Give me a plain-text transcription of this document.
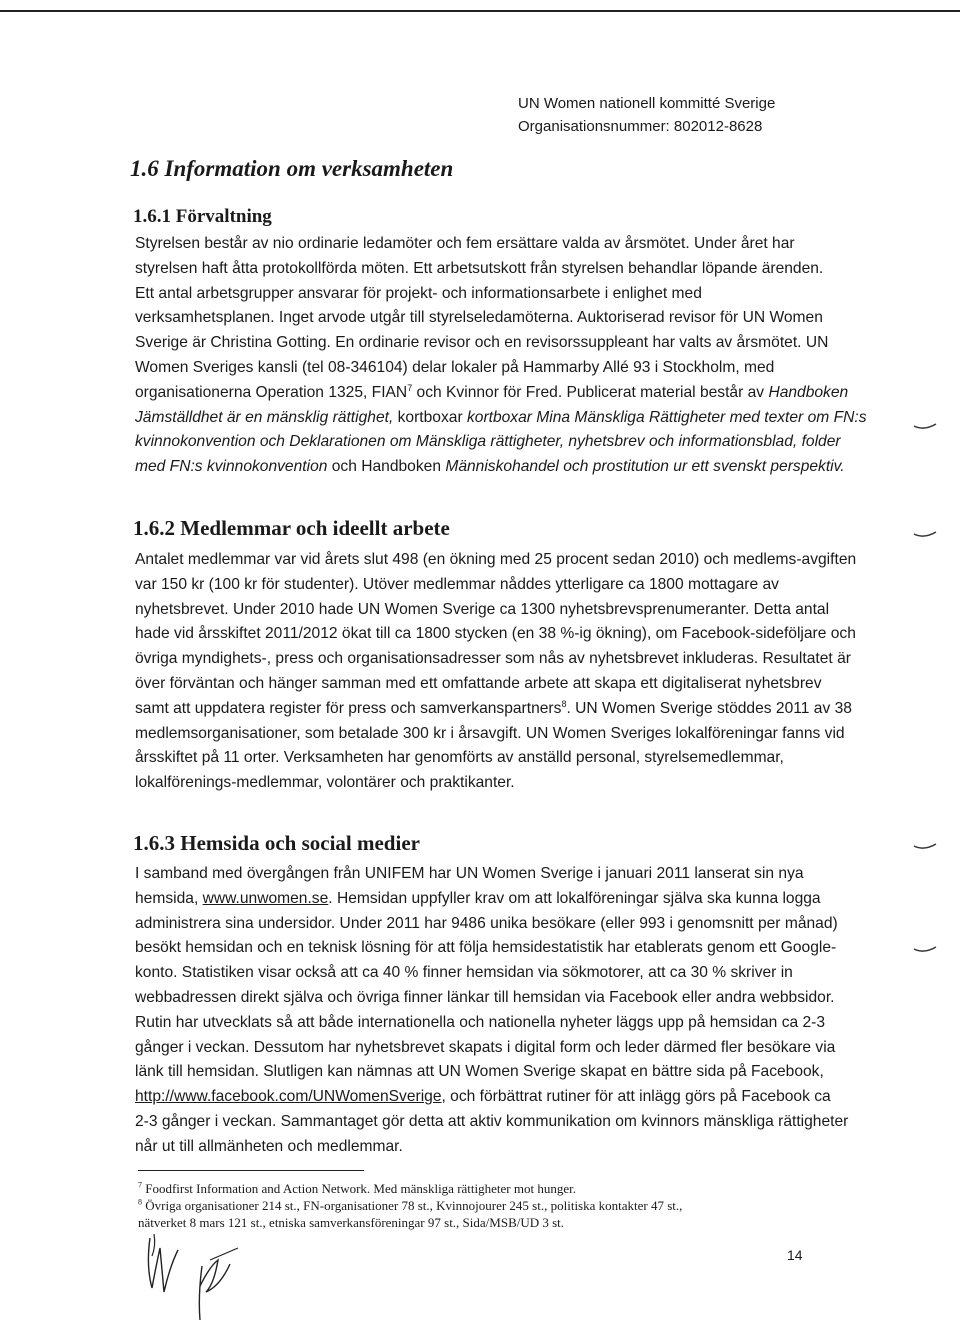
UN Women nationell kommitté Sverige
Organisationsnummer: 802012-8628
1.6 Information om verksamheten
1.6.1 Förvaltning
Styrelsen består av nio ordinarie ledamöter och fem ersättare valda av årsmötet. Under året har
styrelsen haft åtta protokollförda möten. Ett arbetsutskott från styrelsen behandlar löpande ärenden.
Ett antal arbetsgrupper ansvarar för projekt- och informationsarbete i enlighet med
verksamhetsplanen. Inget arvode utgår till styrelseledamöterna. Auktoriserad revisor för UN Women
Sverige är Christina Gotting. En ordinarie revisor och en revisorssuppleant har valts av årsmötet. UN
Women Sveriges kansli (tel 08-346104) delar lokaler på Hammarby Allé 93 i Stockholm, med
organisationerna Operation 1325, FIAN$^7$ och Kvinnor för Fred. Publicerat material består av Handboken
Jämställdhet är en mänsklig rättighet, kortboxar kortboxar Mina Mänskliga Rättigheter med texter om FN:s
kvinnokonvention och Deklarationen om Mänskliga rättigheter, nyhetsbrev och informationsblad, folder
med FN:s kvinnokonvention och Handboken Människohandel och prostitution ur ett svenskt perspektiv.
1.6.2 Medlemmar och ideellt arbete
Antalet medlemmar var vid årets slut 498 (en ökning med 25 procent sedan 2010) och medlems-avgiften
var 150 kr (100 kr för studenter). Utöver medlemmar nåddes ytterligare ca 1800 mottagare av
nyhetsbrevet. Under 2010 hade UN Women Sverige ca 1300 nyhetsbrevsprenumeranter. Detta antal
hade vid årsskiftet 2011/2012 ökat till ca 1800 stycken (en 38 %-ig ökning), om Facebook-sideföljare och
övriga myndighets-, press och organisationsadresser som nås av nyhetsbrevet inkluderas. Resultatet är
över förväntan och hänger samman med ett omfattande arbete att skapa ett digitaliserat nyhetsbrev
samt att uppdatera register för press och samverkanspartners$^8$. UN Women Sverige stöddes 2011 av 38
medlemsorganisationer, som betalade 300 kr i årsavgift. UN Women Sveriges lokalföreningar fanns vid
årsskiftet på 11 orter. Verksamheten har genomförts av anställd personal, styrelsemedlemmar,
lokalförenings-medlemmar, volontärer och praktikanter.
1.6.3 Hemsida och social medier
I samband med övergången från UNIFEM har UN Women Sverige i januari 2011 lanserat sin nya
hemsida, www.unwomen.se. Hemsidan uppfyller krav om att lokalföreningar själva ska kunna logga
administrera sina undersidor. Under 2011 har 9486 unika besökare (eller 993 i genomsnitt per månad)
besökt hemsidan och en teknisk lösning för att följa hemsidestatistik har etablerats genom ett Google-
konto. Statistiken visar också att ca 40 % finner hemsidan via sökmotorer, att ca 30 % skriver in
webbadressen direkt själva och övriga finner länkar till hemsidan via Facebook eller andra webbsidor.
Rutin har utvecklats så att både internationella och nationella nyheter läggs upp på hemsidan ca 2-3
gånger i veckan. Dessutom har nyhetsbrevet skapats i digital form och leder därmed fler besökare via
länk till hemsidan. Slutligen kan nämnas att UN Women Sverige skapat en bättre sida på Facebook,
http://www.facebook.com/UNWomenSverige, och förbättrat rutiner för att inlägg görs på Facebook ca
2-3 gånger i veckan. Sammantaget gör detta att aktiv kommunikation om kvinnors mänskliga rättigheter
når ut till allmänheten och medlemmar.
$^7$ Foodfirst Information and Action Network. Med mänskliga rättigheter mot hunger.
$^8$ Övriga organisationer 214 st., FN-organisationer 78 st., Kvinnojourer 245 st., politiska kontakter 47 st.,
nätverket 8 mars 121 st., etniska samverkansföreningar 97 st., Sida/MSB/UD 3 st.
14
